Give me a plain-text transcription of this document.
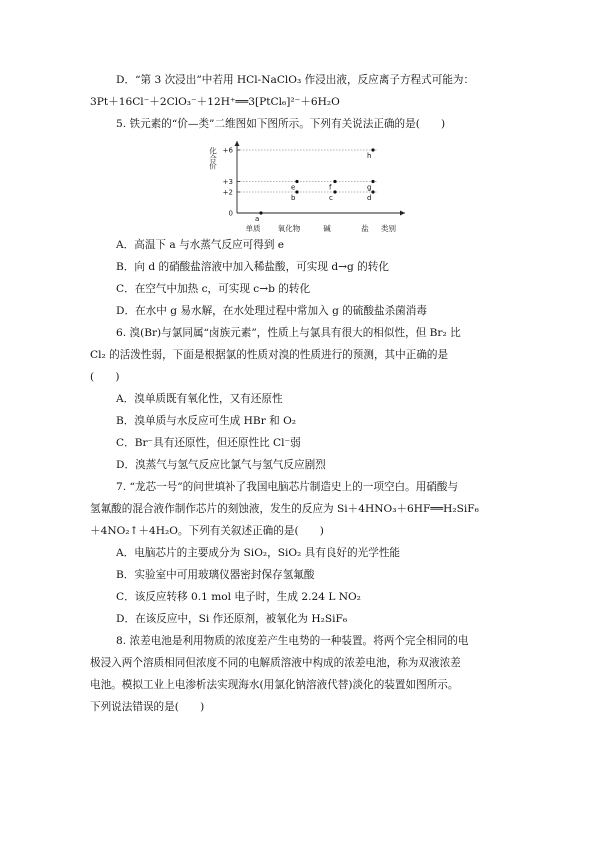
D．“第 3 次浸出”中若用 HCl-NaClO₃ 作浸出液，反应离子方程式可能为：
3Pt＋16Cl⁻＋2ClO₃⁻＋12H⁺══3[PtCl₆]²⁻＋6H₂O
5. 铁元素的“价—类”二维图如下图所示。下列有关说法正确的是(　　)
化合价
类别
0
+2
+3
+6
单质 氧化物	碱	盐
a
b
e
c
f
d
g
h
A．高温下 a 与水蒸气反应可得到 e
B．向 d 的硝酸盐溶液中加入稀盐酸，可实现 d→g 的转化
C．在空气中加热 c，可实现 c→b 的转化
D．在水中 g 易水解，在水处理过程中常加入 g 的硫酸盐杀菌消毒
6. 溴(Br)与氯同属“卤族元素”，性质上与氯具有很大的相似性，但 Br₂ 比
Cl₂ 的活泼性弱，下面是根据氯的性质对溴的性质进行的预测，其中正确的是
(　　)
A．溴单质既有氧化性，又有还原性
B．溴单质与水反应可生成 HBr 和 O₂
C．Br⁻具有还原性，但还原性比 Cl⁻弱
D．溴蒸气与氢气反应比氯气与氢气反应剧烈
7. “龙芯一号”的问世填补了我国电脑芯片制造史上的一项空白。用硝酸与
氢氟酸的混合液作制作芯片的刻蚀液，发生的反应为 Si＋4HNO₃＋6HF══H₂SiF₆
＋4NO₂↑＋4H₂O。下列有关叙述正确的是(　　)
A．电脑芯片的主要成分为 SiO₂，SiO₂ 具有良好的光学性能
B．实验室中可用玻璃仪器密封保存氢氟酸
C．该反应转移 0.1 mol 电子时，生成 2.24 L NO₂
D．在该反应中，Si 作还原剂，被氧化为 H₂SiF₆
8. 浓差电池是利用物质的浓度差产生电势的一种装置。将两个完全相同的电
极浸入两个溶质相同但浓度不同的电解质溶液中构成的浓差电池，称为双液浓差
电池。模拟工业上电渗析法实现海水(用氯化钠溶液代替)淡化的装置如图所示。
下列说法错误的是(　　)
